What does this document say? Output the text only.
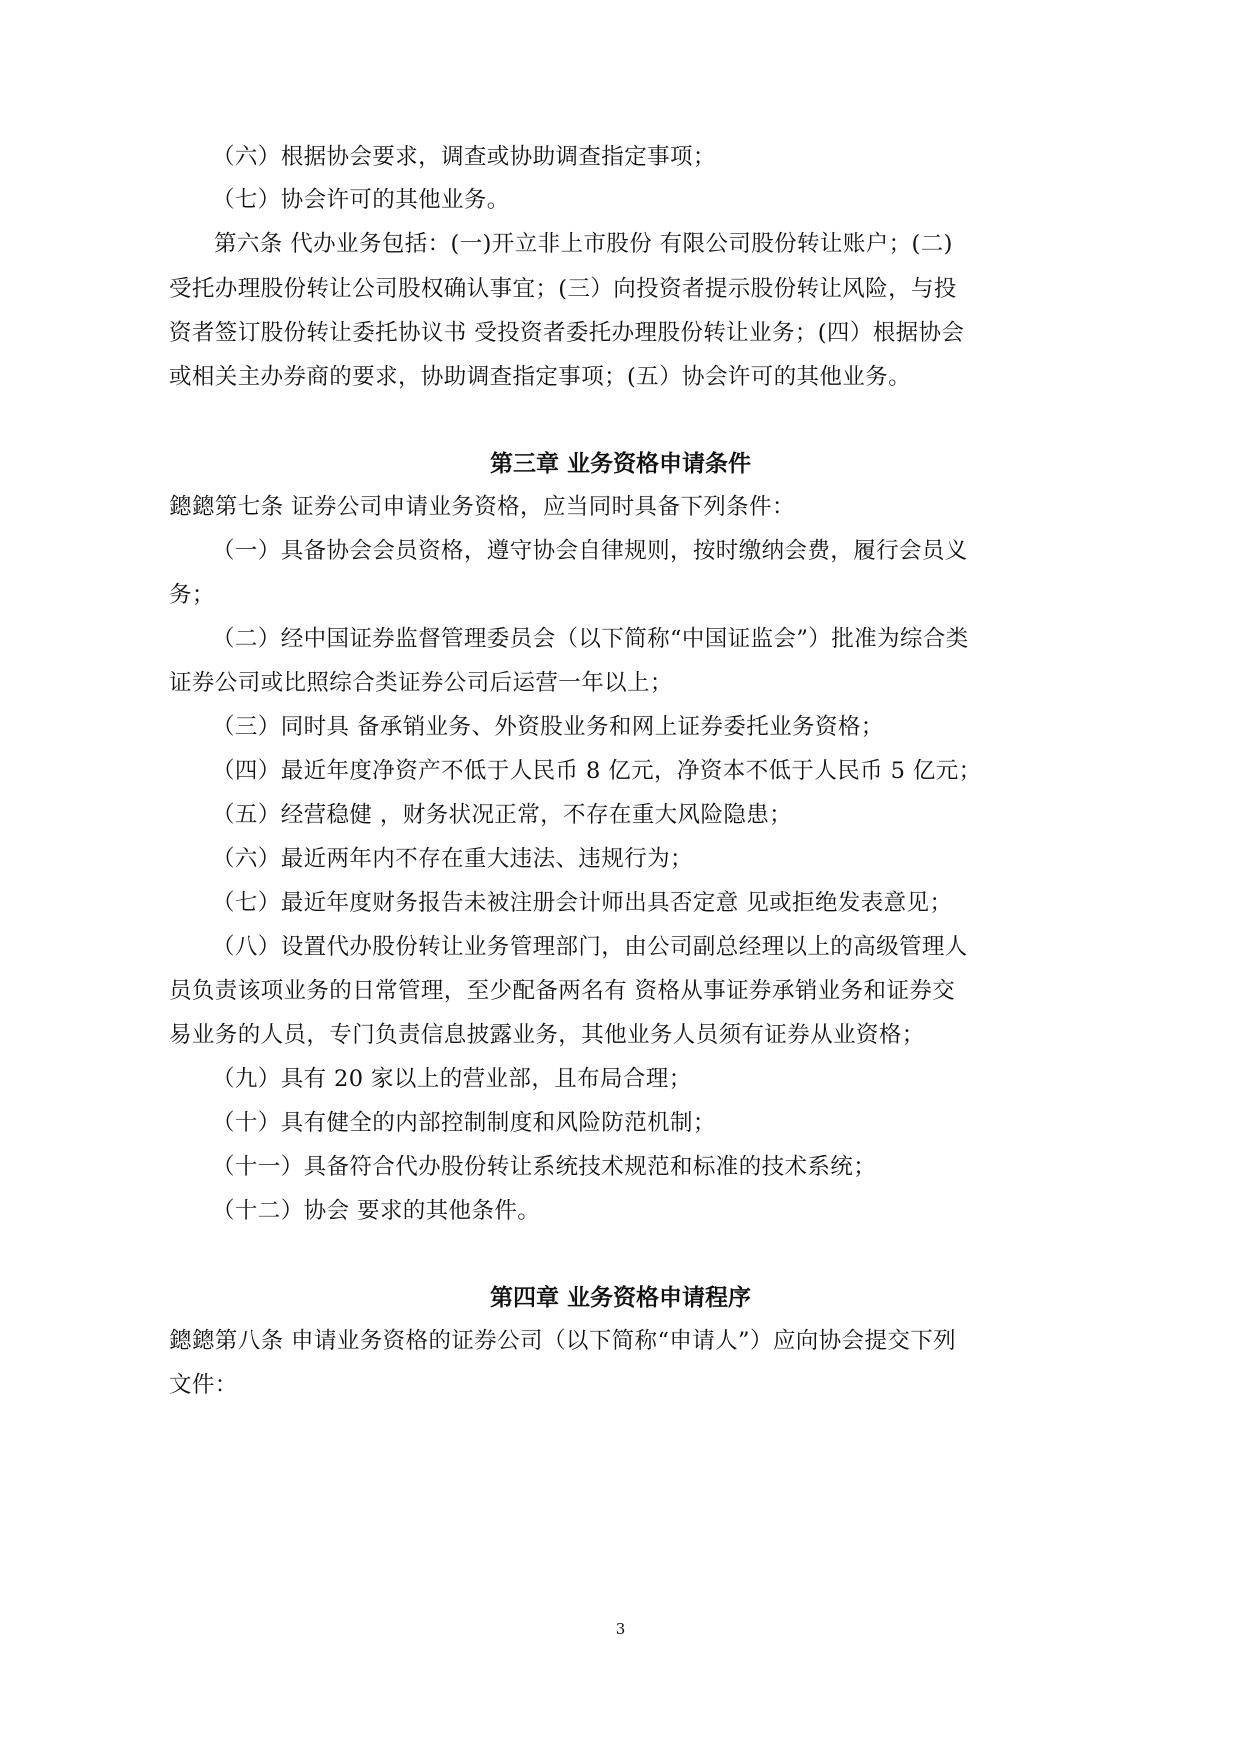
（六）根据协会要求，调查或协助调查指定事项；
（七）协会许可的其他业务。
第六条 代办业务包括：(一)开立非上市股份 有限公司股份转让账户；(二)
受托办理股份转让公司股权确认事宜；(三）向投资者提示股份转让风险，与投
资者签订股份转让委托协议书 受投资者委托办理股份转让业务；(四）根据协会
或相关主办券商的要求，协助调查指定事项；(五）协会许可的其他业务。
第三章 业务资格申请条件
鏓鏓第七条 证券公司申请业务资格，应当同时具备下列条件：
（一）具备协会会员资格，遵守协会自律规则，按时缴纳会费，履行会员义
务；
（二）经中国证券监督管理委员会（以下简称“中国证监会”）批准为综合类
证券公司或比照综合类证券公司后运营一年以上；
（三）同时具 备承销业务、外资股业务和网上证券委托业务资格；
（四）最近年度净资产不低于人民币 8 亿元，净资本不低于人民币 5 亿元；
（五）经营稳健 ，财务状况正常，不存在重大风险隐患；
（六）最近两年内不存在重大违法、违规行为；
（七）最近年度财务报告未被注册会计师出具否定意 见或拒绝发表意见；
（八）设置代办股份转让业务管理部门，由公司副总经理以上的高级管理人
员负责该项业务的日常管理，至少配备两名有 资格从事证券承销业务和证券交
易业务的人员，专门负责信息披露业务，其他业务人员须有证券从业资格；
（九）具有 20 家以上的营业部，且布局合理；
（十）具有健全的内部控制制度和风险防范机制；
（十一）具备符合代办股份转让系统技术规范和标准的技术系统；
（十二）协会 要求的其他条件。
第四章 业务资格申请程序
鏓鏓第八条 申请业务资格的证券公司（以下简称“申请人”）应向协会提交下列
文件：
3
